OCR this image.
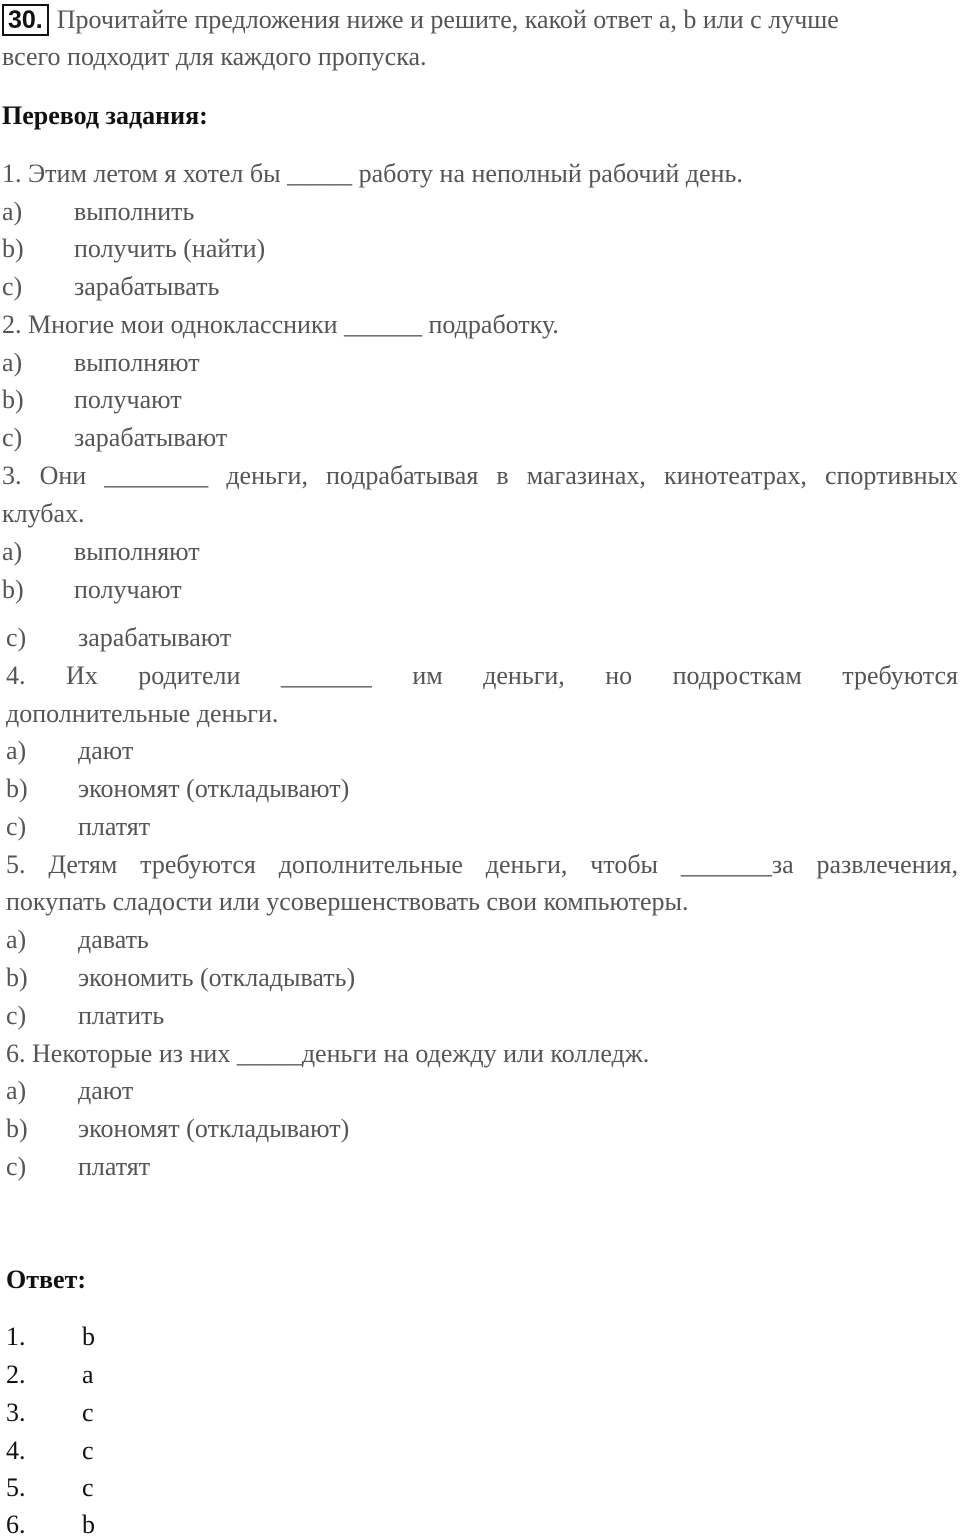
30. Прочитайте предложения ниже и решите, какой ответ a, b или c лучше
всего подходит для каждого пропуска.
Перевод задания:
1. Этим летом я хотел бы _____ работу на неполный рабочий день.
a) выполнить
b) получить (найти)
c) зарабатывать
2. Многие мои одноклассники ______ подработку.
a) выполняют
b) получают
c) зарабатывают
3. Они ________ деньги, подрабатывая в магазинах, кинотеатрах, спортивных
клубах.
a) выполняют
b) получают
c) зарабатывают
4. Их родители _______ им деньги, но подросткам требуются
дополнительные деньги.
a) дают
b) экономят (откладывают)
c) платят
5. Детям требуются дополнительные деньги, чтобы _______за развлечения,
покупать сладости или усовершенствовать свои компьютеры.
a) давать
b) экономить (откладывать)
c) платить
6. Некоторые из них _____деньги на одежду или колледж.
a) дают
b) экономят (откладывают)
c) платят
Ответ:
1. b
2. a
3. c
4. c
5. c
6. b
